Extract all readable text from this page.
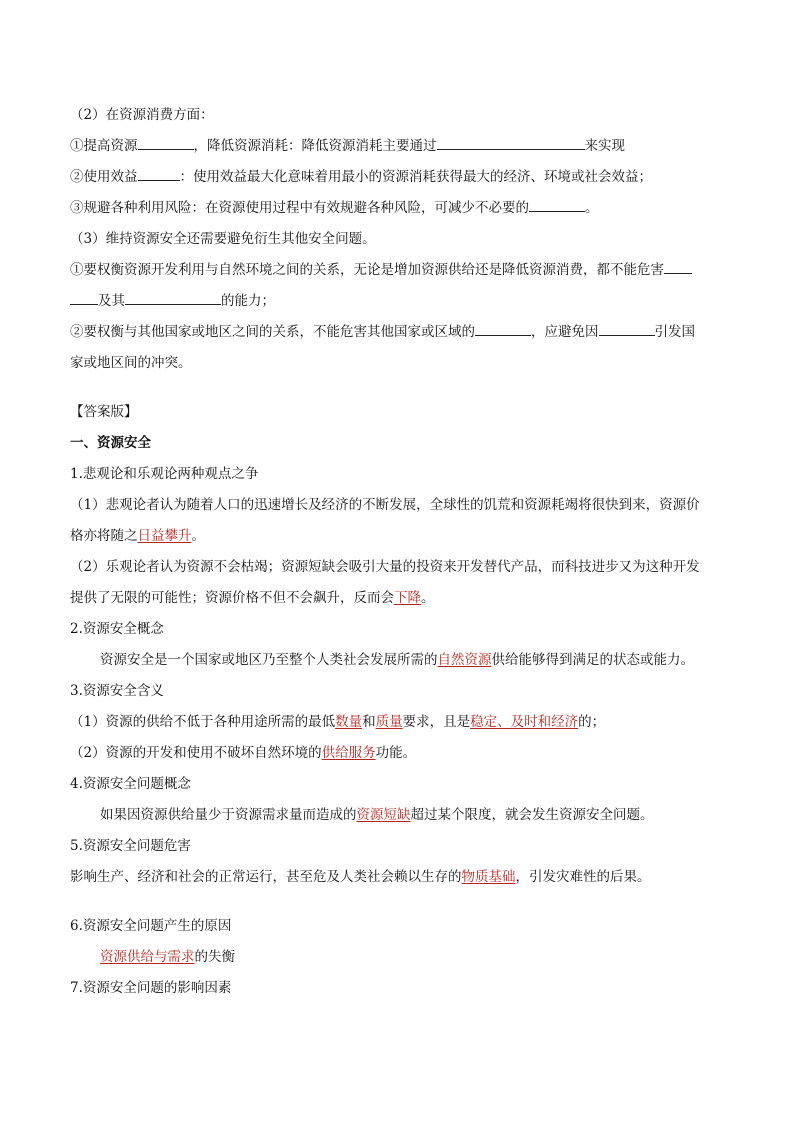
（2）在资源消费方面：
①提高资源	，降低资源消耗：降低资源消耗主要通过	来实现
②使用效益	：使用效益最大化意味着用最小的资源消耗获得最大的经济、环境或社会效益；
③规避各种利用风险：在资源使用过程中有效规避各种风险，可减少不必要的	。
（3）维持资源安全还需要避免衍生其他安全问题。
①要权衡资源开发利用与自然环境之间的关系，无论是增加资源供给还是降低资源消费，都不能危害
及其	的能力；
②要权衡与其他国家或地区之间的关系，不能危害其他国家或区域的	，应避免因	引发国
家或地区间的冲突。
【答案版】
一、资源安全
1.悲观论和乐观论两种观点之争
（1）悲观论者认为随着人口的迅速增长及经济的不断发展，全球性的饥荒和资源耗竭将很快到来，资源价
格亦将随之日益攀升。
（2）乐观论者认为资源不会枯竭；资源短缺会吸引大量的投资来开发替代产品，而科技进步又为这种开发
提供了无限的可能性；资源价格不但不会飙升，反而会下降。
2.资源安全概念
资源安全是一个国家或地区乃至整个人类社会发展所需的自然资源供给能够得到满足的状态或能力。
3.资源安全含义
（1）资源的供给不低于各种用途所需的最低数量和质量要求，且是稳定、及时和经济的；
（2）资源的开发和使用不破坏自然环境的供给服务功能。
4.资源安全问题概念
如果因资源供给量少于资源需求量而造成的资源短缺超过某个限度，就会发生资源安全问题。
5.资源安全问题危害
影响生产、经济和社会的正常运行，甚至危及人类社会赖以生存的物质基础，引发灾难性的后果。
6.资源安全问题产生的原因
资源供给与需求的失衡
7.资源安全问题的影响因素
